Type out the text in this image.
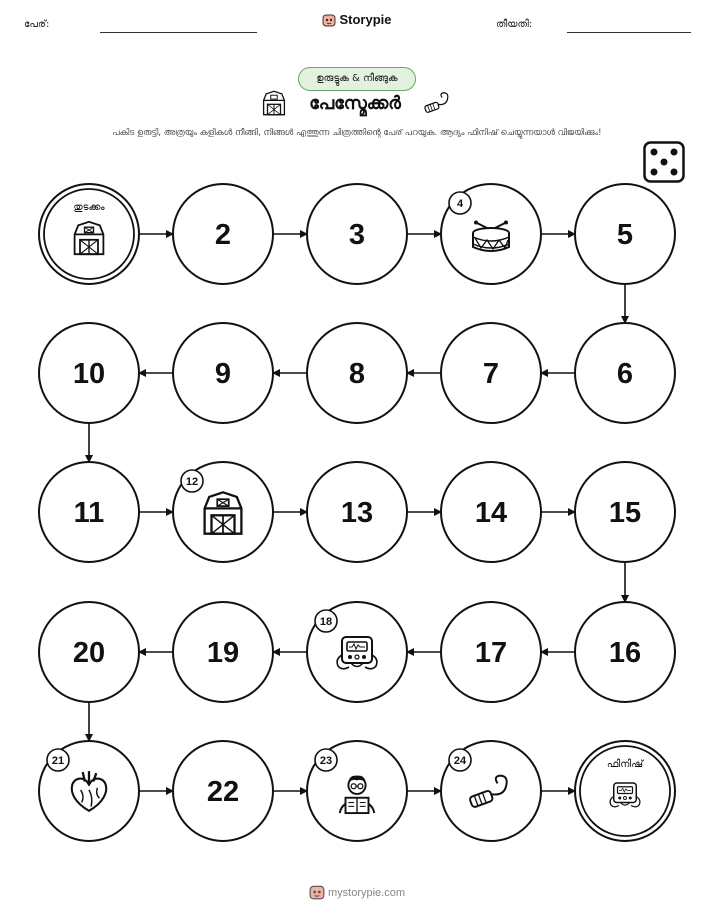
പേര്:	Storypie	തീയതി:
ഉരുട്ടുക & നീങ്ങുക
പേസ്മേക്കർ
പകിട ഉരുട്ടി, അത്രയും കളികൾ നീങ്ങി, നിങ്ങൾ എത്തുന്ന ചിത്രത്തിന്റെ പേര് പറയുക. ആദ്യം ഫിനിഷ് ചെയ്യുന്നയാൾ വിജയിക്കും!
തുടക്കം
2	3
4
5
6
7
8
9
10
11
12
13	14	15
16
17
18
19
20
21
22
23	24	ഫിനിഷ്
mystorypie.com
